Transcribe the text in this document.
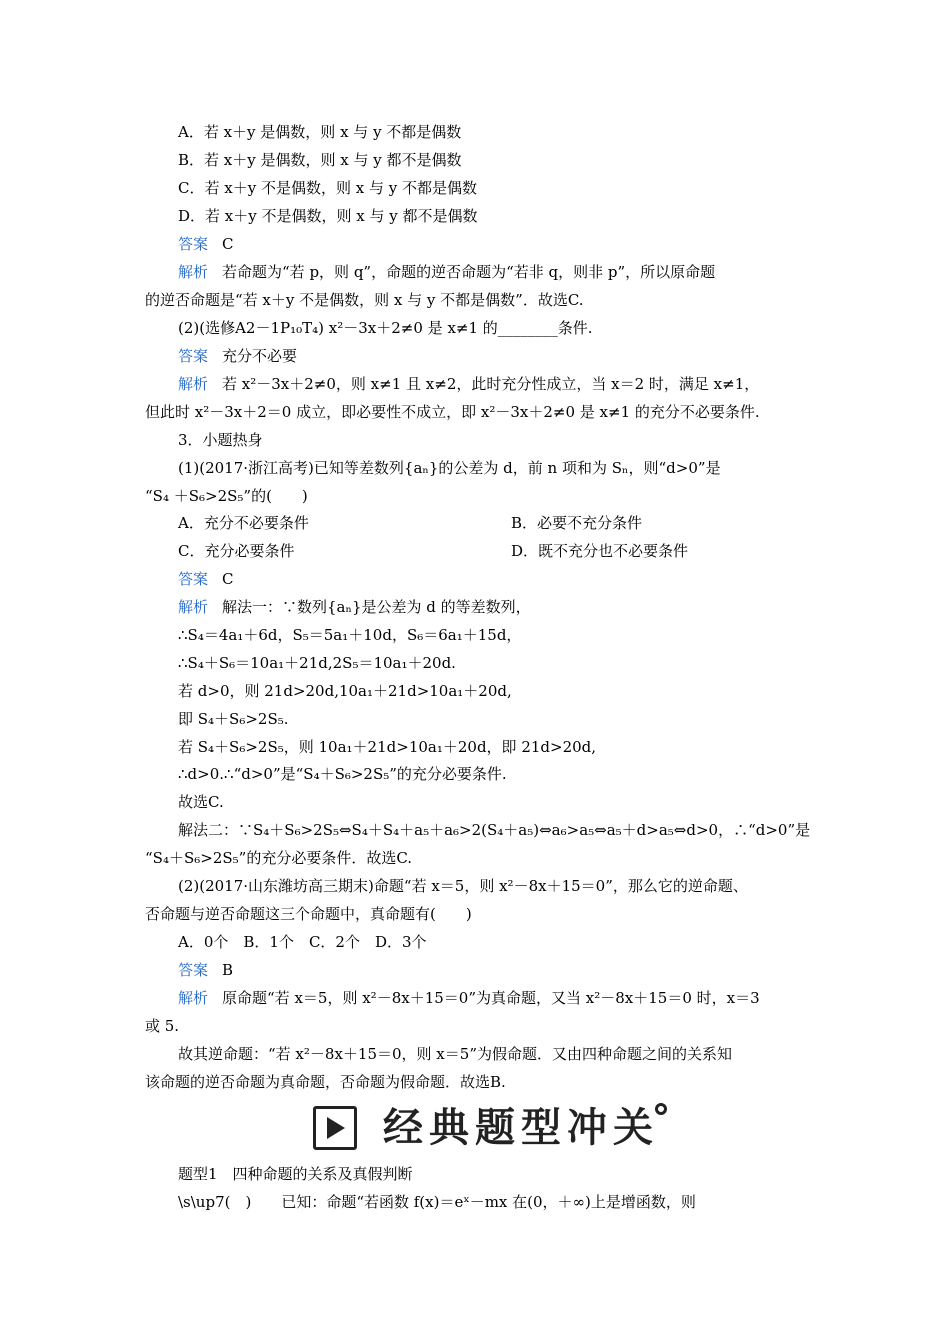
经典题型冲关
A．若 x＋y 是偶数，则 x 与 y 不都是偶数
B．若 x＋y 是偶数，则 x 与 y 都不是偶数
C．若 x＋y 不是偶数，则 x 与 y 不都是偶数
D．若 x＋y 不是偶数，则 x 与 y 都不是偶数
答案 C
解析 若命题为“若 p，则 q”，命题的逆否命题为“若非 q，则非 p”，所以原命题
的逆否命题是“若 x＋y 不是偶数，则 x 与 y 不都是偶数”．故选C.
(2)(选修A2－1P₁₀T₄) x²－3x＋2≠0 是 x≠1 的________条件.
答案 充分不必要
解析 若 x²－3x＋2≠0，则 x≠1 且 x≠2，此时充分性成立，当 x＝2 时，满足 x≠1，
但此时 x²－3x＋2＝0 成立，即必要性不成立，即 x²－3x＋2≠0 是 x≠1 的充分不必要条件.
3．小题热身
(1)(2017·浙江高考)已知等差数列{aₙ}的公差为 d，前 n 项和为 Sₙ，则“d>0”是
“S₄ ＋S₆>2S₅”的(　　)
A．充分不必要条件	B．必要不充分条件
C．充分必要条件	D．既不充分也不必要条件
答案 C
解析 解法一：∵数列{aₙ}是公差为 d 的等差数列，
∴S₄＝4a₁＋6d，S₅＝5a₁＋10d，S₆＝6a₁＋15d，
∴S₄＋S₆＝10a₁＋21d,2S₅＝10a₁＋20d.
若 d>0，则 21d>20d,10a₁＋21d>10a₁＋20d,
即 S₄＋S₆>2S₅.
若 S₄＋S₆>2S₅，则 10a₁＋21d>10a₁＋20d，即 21d>20d,
∴d>0.∴“d>0”是“S₄＋S₆>2S₅”的充分必要条件.
故选C.
解法二：∵S₄＋S₆>2S₅⇔S₄＋S₄＋a₅＋a₆>2(S₄＋a₅)⇔a₆>a₅⇔a₅＋d>a₅⇔d>0，∴“d>0”是
“S₄＋S₆>2S₅”的充分必要条件．故选C.
(2)(2017·山东潍坊高三期末)命题“若 x＝5，则 x²－8x＋15＝0”，那么它的逆命题、
否命题与逆否命题这三个命题中，真命题有(　　)
A．0个　B．1个　C．2个　D．3个
答案 B
解析 原命题“若 x＝5，则 x²－8x＋15＝0”为真命题，又当 x²－8x＋15＝0 时，x＝3
或 5.
故其逆命题：“若 x²－8x＋15＝0，则 x＝5”为假命题．又由四种命题之间的关系知
该命题的逆否命题为真命题，否命题为假命题．故选B.
题型1　四种命题的关系及真假判断
\s\up7(　)　　已知：命题“若函数 f(x)＝eˣ－mx 在(0，＋∞)上是增函数，则
